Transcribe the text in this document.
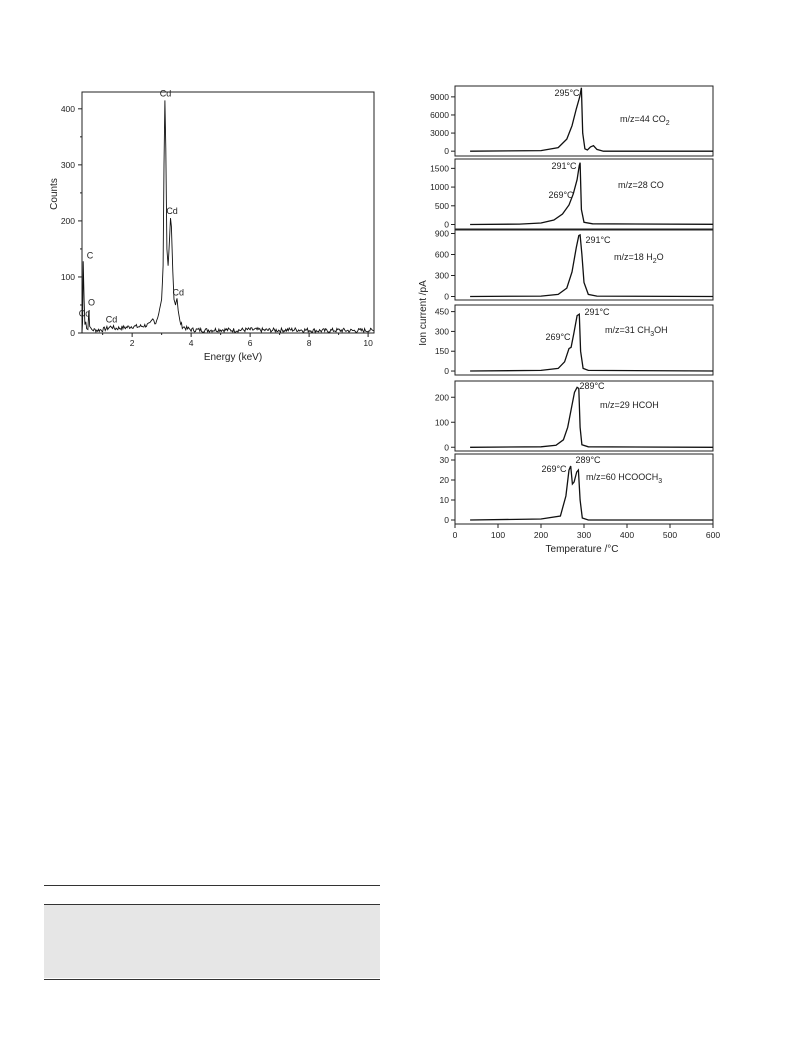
2	4	6	8	10
0
100
200
300
400
C
Cd
O
Cd
Cd
Cd
Cd
Energy (keV)
Counts
0
3000
6000
9000
m/z=44 $CO_2$
295°C
0
500
1000
1500
m/z=28 CO
291°C
269°C
0
300
600
900
m/z=18 $H_2O$
291°C
0
150
300
450
m/z=31 $CH_3OH$
291°C
269°C
0
100
200
m/z=29 HCOH
289°C
0
10
20
30
m/z=60 $HCOOCH_3$
269°C
289°C
0	100	200	300	400	500	600
Temperature /°C
Ion current /pA
